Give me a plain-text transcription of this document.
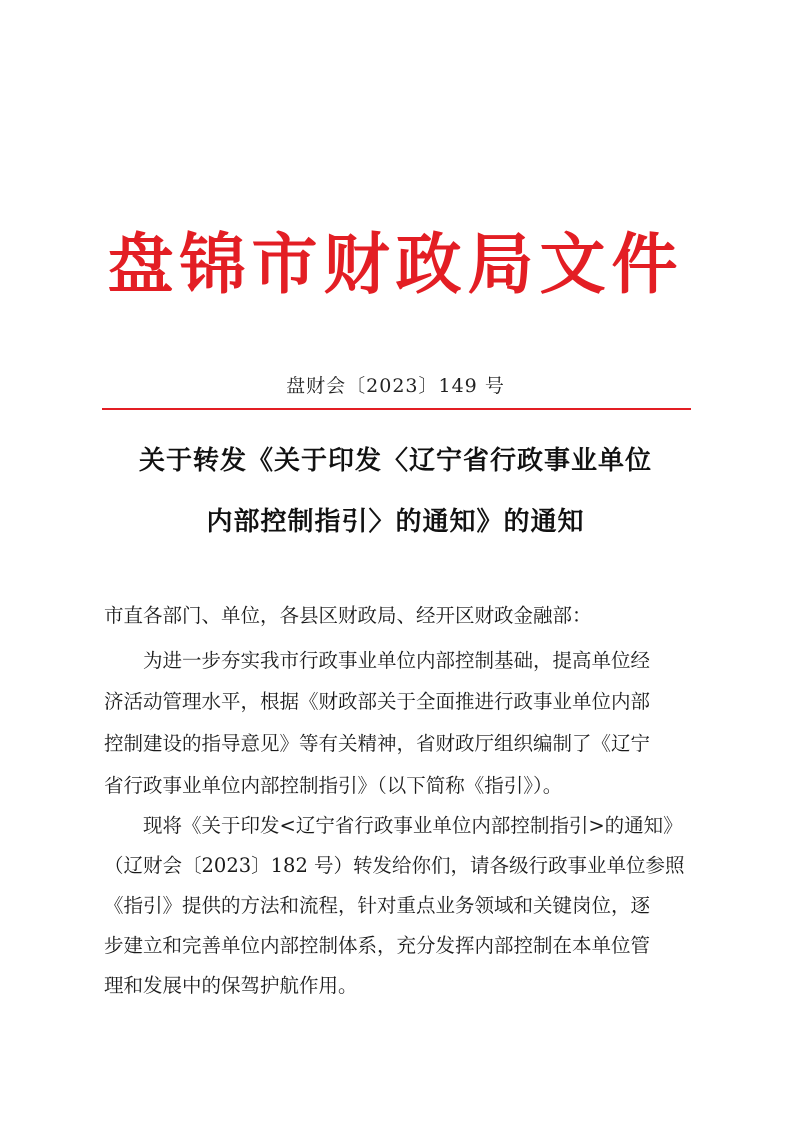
盘锦市财政局文件
盘财会〔2023〕149 号
关于转发《关于印发〈辽宁省行政事业单位
内部控制指引〉的通知》的通知
市直各部门、单位，各县区财政局、经开区财政金融部：
为进一步夯实我市行政事业单位内部控制基础，提高单位经
济活动管理水平，根据《财政部关于全面推进行政事业单位内部
控制建设的指导意见》等有关精神，省财政厅组织编制了《辽宁
省行政事业单位内部控制指引》（以下简称《指引》）。
现将《关于印发<辽宁省行政事业单位内部控制指引>的通知》
（辽财会〔2023〕182 号）转发给你们，请各级行政事业单位参照
《指引》提供的方法和流程，针对重点业务领域和关键岗位，逐
步建立和完善单位内部控制体系，充分发挥内部控制在本单位管
理和发展中的保驾护航作用。
